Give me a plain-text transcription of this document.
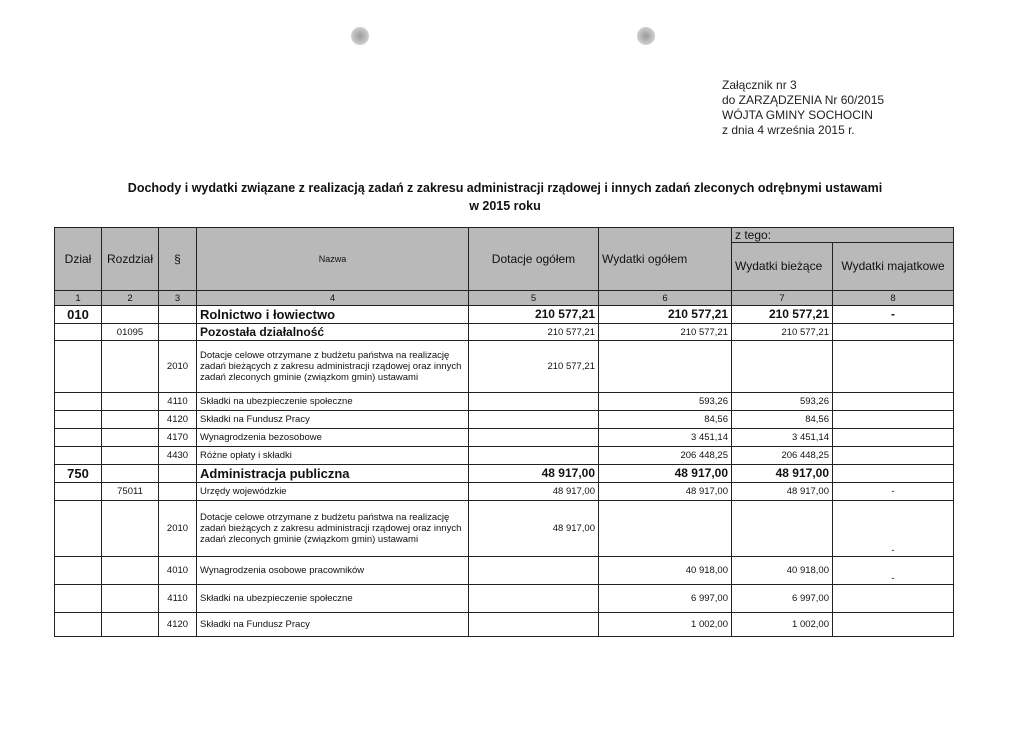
Załącznik nr 3
do ZARZĄDZENIA Nr 60/2015
WÓJTA GMINY SOCHOCIN
z dnia 4 września 2015 r.
Dochody i wydatki związane z realizacją zadań z zakresu administracji rządowej i innych zadań zleconych odrębnymi ustawami
w 2015 roku
Dział	Rozdział	§	Nazwa	Dotacje ogółem	Wydatki ogółem	z tego:	
						Wydatki bieżące	Wydatki majatkowe
1	2	3	4	5	6	7	8
010			Rolnictwo i łowiectwo	210 577,21	210 577,21	210 577,21	-
	01095		Pozostała działalność	210 577,21	210 577,21	210 577,21	
		2010	Dotacje celowe otrzymane z budżetu państwa na realizację zadań bieżących z zakresu administracji rządowej oraz innych zadań zleconych gminie (związkom gmin) ustawami	210 577,21			
		4110	Składki na ubezpieczenie społeczne		593,26	593,26	
		4120	Składki na Fundusz Pracy		84,56	84,56	
		4170	Wynagrodzenia bezosobowe		3 451,14	3 451,14	
		4430	Różne opłaty i składki		206 448,25	206 448,25	
750			Administracja publiczna	48 917,00	48 917,00	48 917,00	
	75011		Urzędy wojewódzkie	48 917,00	48 917,00	48 917,00	-
		2010	Dotacje celowe otrzymane z budżetu państwa na realizację zadań bieżących z zakresu administracji rządowej oraz innych zadań zleconych gminie (związkom gmin) ustawami	48 917,00			-
		4010	Wynagrodzenia osobowe pracowników		40 918,00	40 918,00	-
		4110	Składki na ubezpieczenie społeczne		6 997,00	6 997,00	
		4120	Składki na Fundusz Pracy		1 002,00	1 002,00	
